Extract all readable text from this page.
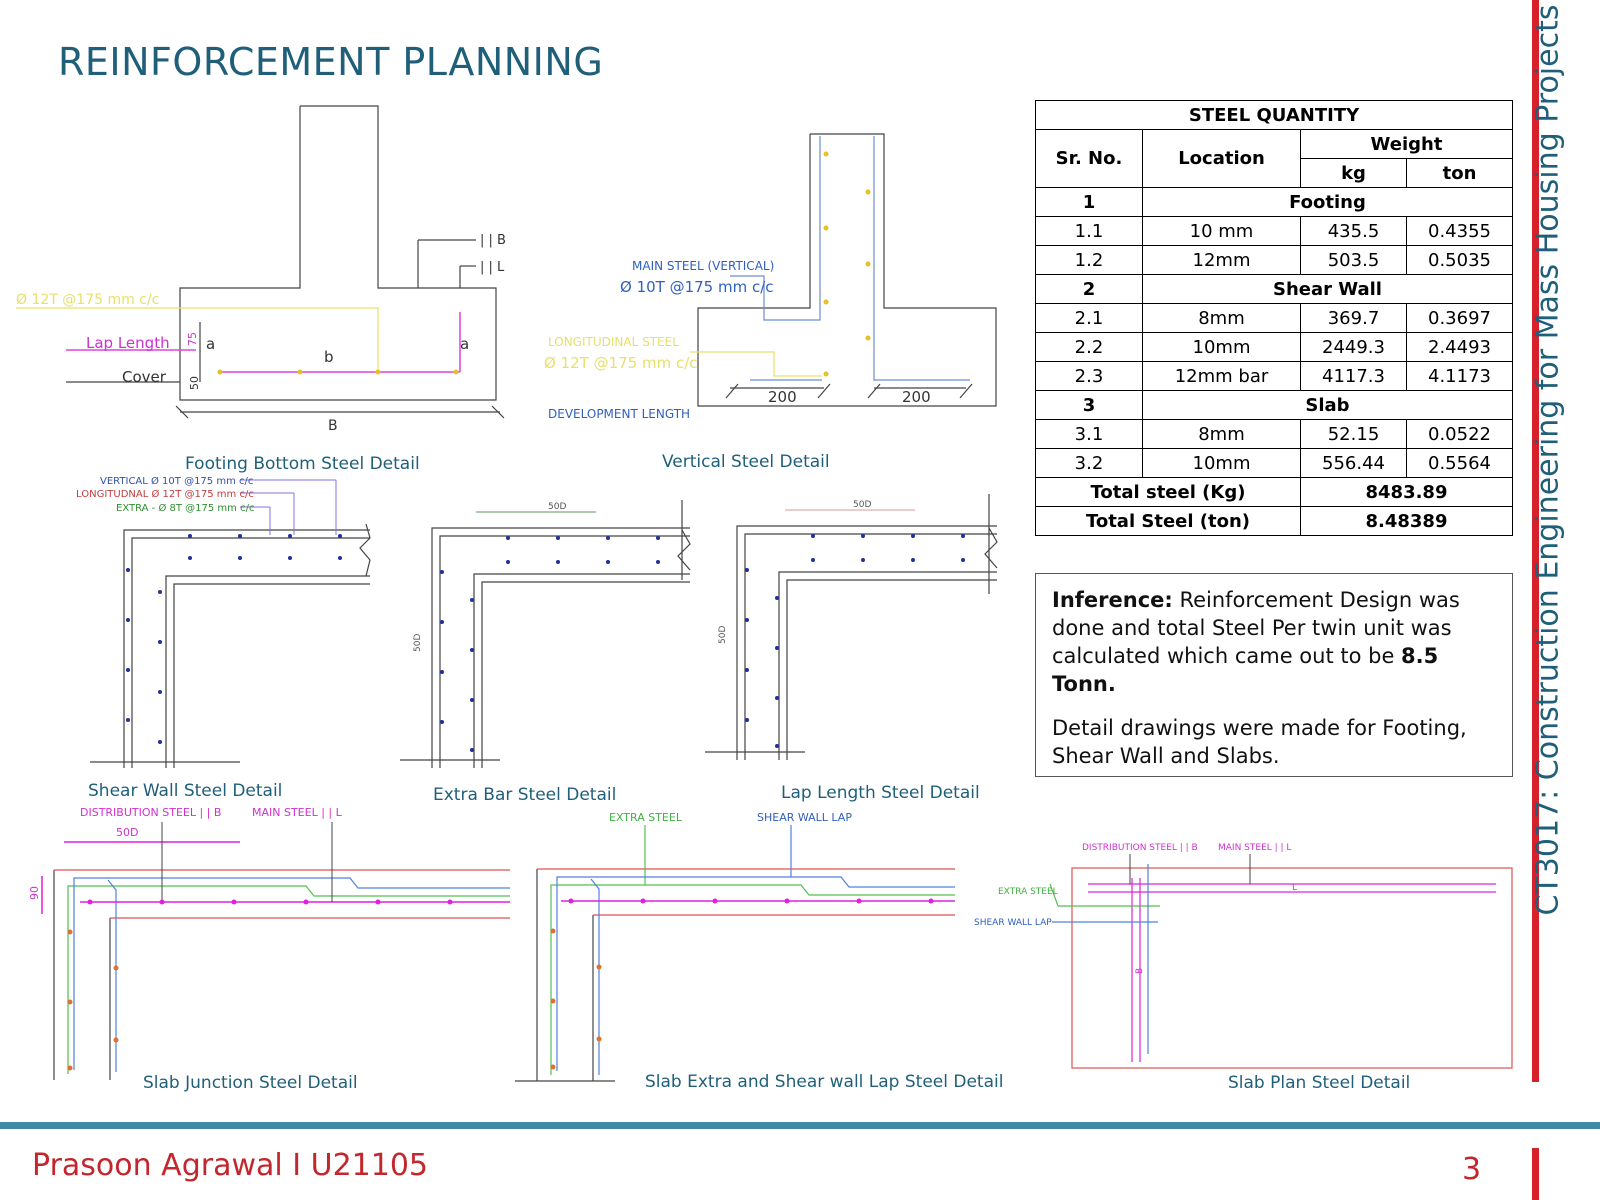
REINFORCEMENT PLANNING
Ø 12T @175 mm c/c
Lap Length
Cover
a
b
a
B
75
50
| | B
| | L
Footing Bottom Steel Detail
MAIN STEEL (VERTICAL)
Ø 10T @175 mm c/c
LONGITUDINAL STEEL
Ø 12T @175 mm c/c
DEVELOPMENT LENGTH
200	200
Vertical Steel Detail
VERTICAL Ø 10T @175 mm c/c
LONGITUDNAL Ø 12T @175 mm c/c
EXTRA - Ø 8T @175 mm c/c
Shear Wall Steel Detail
50D
50D
Extra Bar Steel Detail
50D
50D
Lap Length Steel Detail
DISTRIBUTION STEEL | | B	MAIN STEEL | | L
50D
90
Slab Junction Steel Detail
EXTRA STEEL	SHEAR WALL LAP
Slab Extra and Shear wall Lap Steel Detail
DISTRIBUTION STEEL | | B MAIN STEEL | | L
EXTRA STEEL
SHEAR WALL LAP
L
B
Slab Plan Steel Detail
STEEL QUANTITY			
Sr. No.	Location	Weight	
		kg	ton
1	Footing		
1.1	10 mm	435.5	0.4355
1.2	12mm	503.5	0.5035
2	Shear Wall		
2.1	8mm	369.7	0.3697
2.2	10mm	2449.3	2.4493
2.3	12mm bar	4117.3	4.1173
3	Slab		
3.1	8mm	52.15	0.0522
3.2	10mm	556.44	0.5564
Total steel (Kg)		8483.89	
Total Steel (ton)		8.48389	

Inference: Reinforcement Design was done and total Steel Per twin unit was calculated which came out to be 8.5 Tonn.

Detail drawings were made for Footing, Shear Wall and Slabs.	CT3017: Construction Engineering for Mass Housing Projects
Prasoon Agrawal I U21105	3
